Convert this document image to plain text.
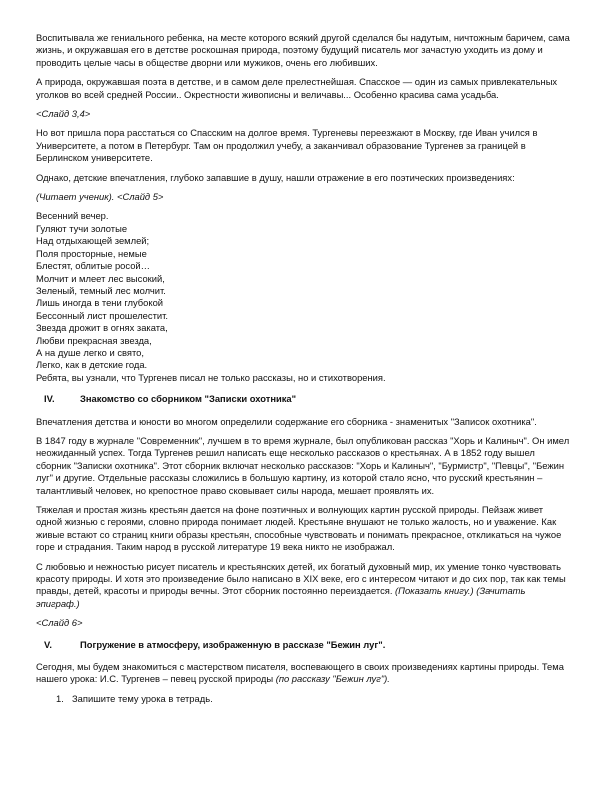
Воспитывала же гениального ребенка, на месте которого всякий другой сделался бы надутым, ничтожным баричем, сама жизнь, и окружавшая его в детстве роскошная природа, поэтому будущий писатель мог зачастую уходить из дому и проводить целые часы в обществе дворни или мужиков, очень его любивших.

А природа, окружавшая поэта в детстве, и в самом деле прелестнейшая. Спасское — один из самых привлекательных уголков во всей средней России.. Окрестности живописны и величавы... Особенно красива сама усадьба.

<Слайд 3,4>

Но вот пришла пора расстаться со Спасским на долгое время. Тургеневы переезжают в Москву, где Иван учился в Университете, а потом в Петербург. Там он продолжил учебу, а заканчивал образование Тургенев за границей в Берлинском университете.

Однако, детские впечатления, глубоко запавшие в душу, нашли отражение в его поэтических произведениях:

(Читает ученик). <Слайд 5>

Весенний вечер.
Гуляют тучи золотые
Над отдыхающей землей;
Поля просторные, немые
Блестят, облитые росой…
Молчит и млеет лес высокий,
Зеленый, темный лес молчит.
Лишь иногда в тени глубокой
Бессонный лист прошелестит.
Звезда дрожит в огнях заката,
Любви прекрасная звезда,
А на душе легко и свято,
Легко, как в детские года.
Ребята, вы узнали, что Тургенев писал не только рассказы, но и стихотворения.
IV.	Знакомство со сборником "Записки охотника"

Впечатления детства и юности во многом определили содержание его сборника - знаменитых "Записок охотника".

В 1847 году в журнале "Современник", лучшем в то время журнале, был опубликован рассказ "Хорь и Калиныч". Он имел неожиданный успех. Тогда Тургенев решил написать еще несколько рассказов о крестьянах. А в 1852 году вышел сборник "Записки охотника". Этот сборник включат несколько рассказов: "Хорь и Калиныч", "Бурмистр", "Певцы", "Бежин луг" и другие. Отдельные рассказы сложились в большую картину, из которой стало ясно, что русский крестьянин – талантливый человек, но крепостное право сковывает силы народа, мешает проявлять их.

Тяжелая и простая жизнь крестьян дается на фоне поэтичных и волнующих картин русской природы. Пейзаж живет одной жизнью с героями, словно природа понимает людей. Крестьяне внушают не только жалость, но и уважение. Как живые встают со страниц книги образы крестьян, способные чувствовать и понимать прекрасное, откликаться на чужое горе и страдания. Таким народ в русской литературе 19 века никто не изображал.

С любовью и нежностью рисует писатель и крестьянских детей, их богатый духовный мир, их умение тонко чувствовать красоту природы. И хотя это произведение было написано в XIX веке, его с интересом читают и до сих пор, так как темы правды, детей, красоты и природы вечны. Этот сборник постоянно переиздается. (Показать книгу.) (Зачитать эпиграф.)

<Слайд 6>

V.	Погружение в атмосферу, изображенную в рассказе "Бежин луг".

Сегодня, мы будем знакомиться с мастерством писателя, воспевающего в своих произведениях картины природы. Тема нашего урока: И.С. Тургенев – певец русской природы (по рассказу "Бежин луг").

1. Запишите тему урока в тетрадь.
